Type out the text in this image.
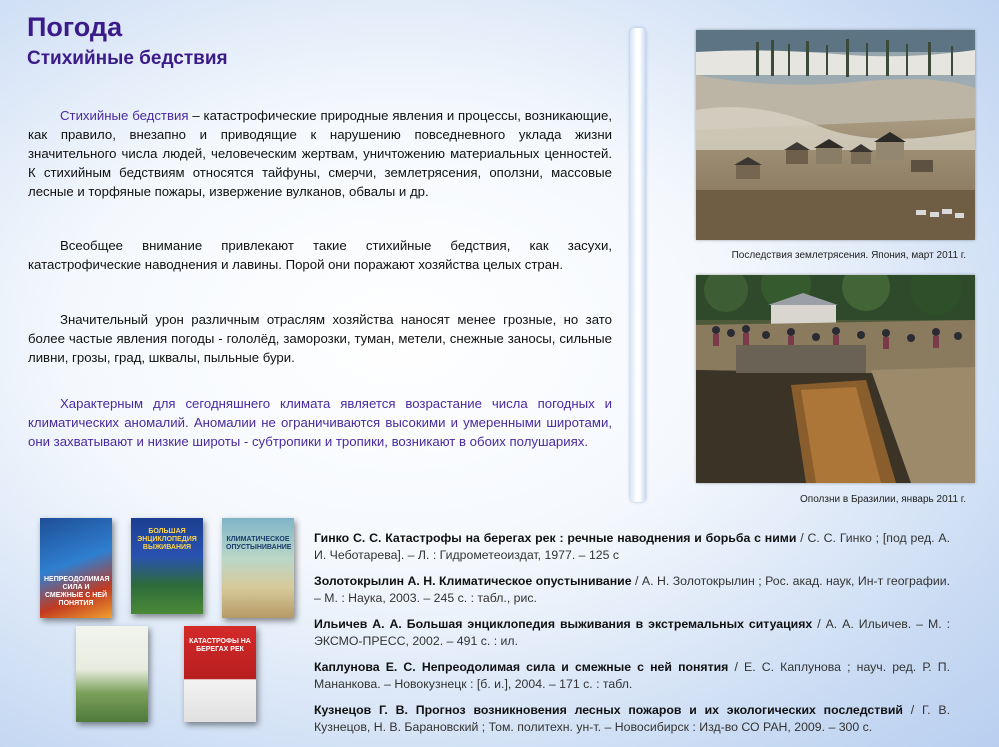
Погода
Стихийные бедствия

Стихийные бедствия – катастрофические природные явления и процессы, возникающие, как правило, внезапно и приводящие к нарушению повседневного уклада жизни значительного числа людей, человеческим жертвам, уничтожению материальных ценностей. К стихийным бедствиям относятся тайфуны, смерчи, землетрясения, оползни, массовые лесные и торфяные пожары, извержение вулканов, обвалы и др.

Всеобщее внимание привлекают такие стихийные бедствия, как засухи, катастрофические наводнения и лавины. Порой они поражают хозяйства целых стран.

Значительный урон различным отраслям хозяйства наносят менее грозные, но зато более частые явления погоды - гололёд, заморозки, туман, метели, снежные заносы, сильные ливни, грозы, град, шквалы, пыльные бури.

Характерным для сегодняшнего климата является возрастание числа погодных и климатических аномалий. Аномалии не ограничиваются высокими и умеренными широтами, они захватывают и низкие широты - субтропики и тропики, возникают в обоих полушариях.

Последствия землетрясения. Япония, март 2011 г.
Оползни в Бразилии, январь 2011 г.
НЕПРЕОДОЛИМАЯ СИЛА И СМЕЖНЫЕ С НЕЙ ПОНЯТИЯ
БОЛЬШАЯ ЭНЦИКЛОПЕДИЯ ВЫЖИВАНИЯ
КЛИМАТИЧЕСКОЕ ОПУСТЫНИВАНИЕ
КАТАСТРОФЫ НА БЕРЕГАХ РЕК

Гинко С. С. Катастрофы на берегах рек : речные наводнения и борьба с ними / С. С. Гинко ; [под ред. А. И. Чеботарева]. – Л. : Гидрометеоиздат, 1977. – 125 с

Золотокрылин А. Н. Климатическое опустынивание / А. Н. Золотокрылин ; Рос. акад. наук, Ин-т географии. – М. : Наука, 2003. – 245 с. : табл., рис.

Ильичев А. А. Большая энциклопедия выживания в экстремальных ситуациях / А. А. Ильичев. – М. : ЭКСМО-ПРЕСС, 2002. – 491 с. : ил.

Каплунова Е. С. Непреодолимая сила и смежные с ней понятия / Е. С. Каплунова ; науч. ред. Р. П. Мананкова. – Новокузнецк : [б. и.], 2004. – 171 с. : табл.

Кузнецов Г. В. Прогноз возникновения лесных пожаров и их экологических последствий / Г. В. Кузнецов, Н. В. Барановский ; Том. политехн. ун-т. – Новосибирск : Изд-во СО РАН, 2009. – 300 с.
